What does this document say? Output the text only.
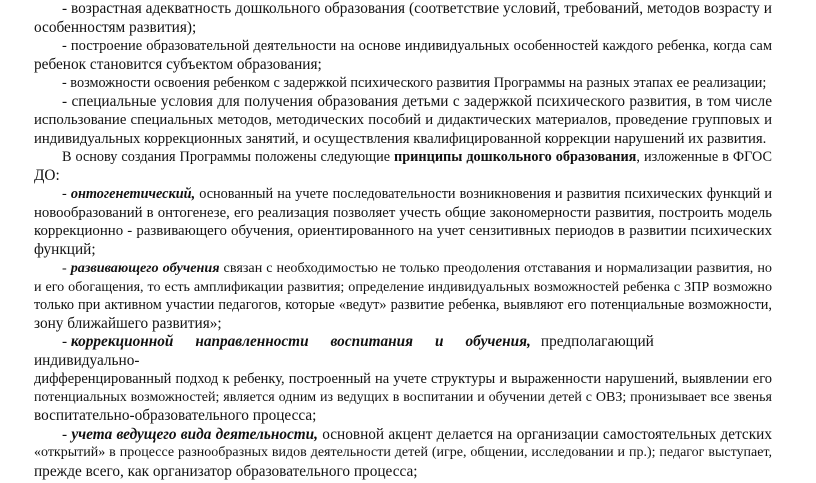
- возрастная адекватность дошкольного образования (соответствие условий, требований, методов возрасту и
особенностям развития);
- построение образовательной деятельности на основе индивидуальных особенностей каждого ребенка, когда сам
ребенок становится субъектом образования;
- возможности освоения ребенком с задержкой психического развития Программы на разных этапах ее реализации;
- специальные условия для получения образования детьми с задержкой психического развития, в том числе
использование специальных методов, методических пособий и дидактических материалов, проведение групповых и
индивидуальных коррекционных занятий, и осуществления квалифицированной коррекции нарушений их развития.
В основу создания Программы положены следующие принципы дошкольного образования, изложенные в ФГОС
ДО:
- онтогенетический, основанный на учете последовательности возникновения и развития психических функций и
новообразований в онтогенезе, его реализация позволяет учесть общие закономерности развития, построить модель
коррекционно - развивающего обучения, ориентированного на учет сензитивных периодов в развитии психических
функций;
- развивающего обучения связан с необходимостью не только преодоления отставания и нормализации развития, но
и его обогащения, то есть амплификации развития; определение индивидуальных возможностей ребенка с ЗПР возможно
только при активном участии педагогов, которые «ведут» развитие ребенка, выявляют его потенциальные возможности,
зону ближайшего развития»;
- коррекционной направленности воспитания и обучения, предполагающий
индивидуально-
дифференцированный подход к ребенку, построенный на учете структуры и выраженности нарушений, выявлении его
потенциальных возможностей; является одним из ведущих в воспитании и обучении детей с ОВЗ; пронизывает все звенья
воспитательно-образовательного процесса;
- учета ведущего вида деятельности, основной акцент делается на организации самостоятельных детских
«открытий» в процессе разнообразных видов деятельности детей (игре, общении, исследовании и пр.); педагог выступает,
прежде всего, как организатор образовательного процесса;
